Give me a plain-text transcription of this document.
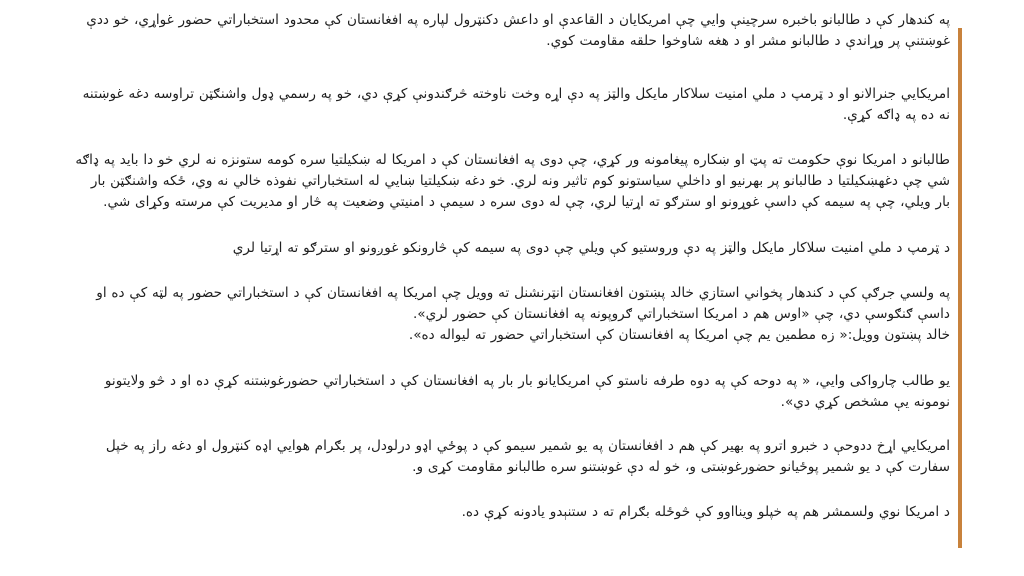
په کندهار کې د طالبانو باخبره سرچینې وايي چې امريکايان د القاعدې او داعش دکنټرول لپاره په افغانستان کې محدود استخباراتي حضور غواړي، خو ددې
غوښتنې پر وړاندې د طالبانو مشر او د هغه شاوخوا حلقه مقاومت کوي.

امریکايي جنرالانو او د ټرمپ د ملي امنیت سلاکار مایکل والټز په دې اړه وخت ناوخته څرګندونې کړې دي، خو په رسمي ډول واشنګټن تراوسه دغه غوښتنه
نه ده په ډاګه کړې.

طالبانو د امریکا نوې حکومت ته پټ او ښکاره پیغامونه ور کړي، چې دوی په افغانستان کې د امريکا له ښکیلتیا سره کومه ستونزه نه لري خو دا باید په ډاګه
شي چې دغهښکیلتیا د طالبانو پر بهرنیو او داخلي سیاستونو کوم تاثیر ونه لري. خو دغه ښکیلتیا ښایي له استخباراتي نفوذه خالي نه وي، ځکه واشنګټن بار
بار ویلي، چې په سیمه کې داسې غوړونو او سترګو ته اړتیا لري، چې له دوی سره د سیمې د امنیتي وضعیت په څار او مدیریت کې مرسته وکړای شي.

د ټرمپ د ملي امنیت سلاکار مایکل والټز په دې وروستیو کې ویلي چې دوی په سیمه کې څارونکو غوږونو او سترګو ته اړتیا لري

په ولسي جرګې کې د کندهار پخواني استازي خالد پښتون افغانستان انټرنشنل ته وویل چې امريکا په افغانستان کې د استخباراتي حضور په لټه کې ده او
داسې ګنګوسې دي، چې «اوس هم د امریکا استخباراتي ګروپونه په افغانستان کې حضور لري».
خالد پښتون وویل:« زه مطمین یم چې امریکا په افغانستان کې استخباراتي حضور ته لیواله ده».

یو طالب چارواکی وايي، « په دوحه کې په دوه طرفه ناستو کې امریکايانو بار بار په افغانستان کې د استخباراتي حضورغوښتنه کړې ده او د څو ولایتونو
نومونه يې مشخص کړي دي».

امریکايي اړخ ددوحې د خبرو اترو په بهیر کې هم د افغانستان په یو شمیر سیمو کې د پوځي اډو درلودل، پر بګرام هوايي اډه کنټرول او دغه راز په خپل
سفارت کې د یو شمیر پوځیانو حضورغوښتی و، خو له دې غوښتنو سره طالبانو مقاومت کړی و.

د امريکا نوي ولسمشر هم په خپلو وینااوو کې څوځله بګرام ته د ستنېدو یادونه کړې ده.
